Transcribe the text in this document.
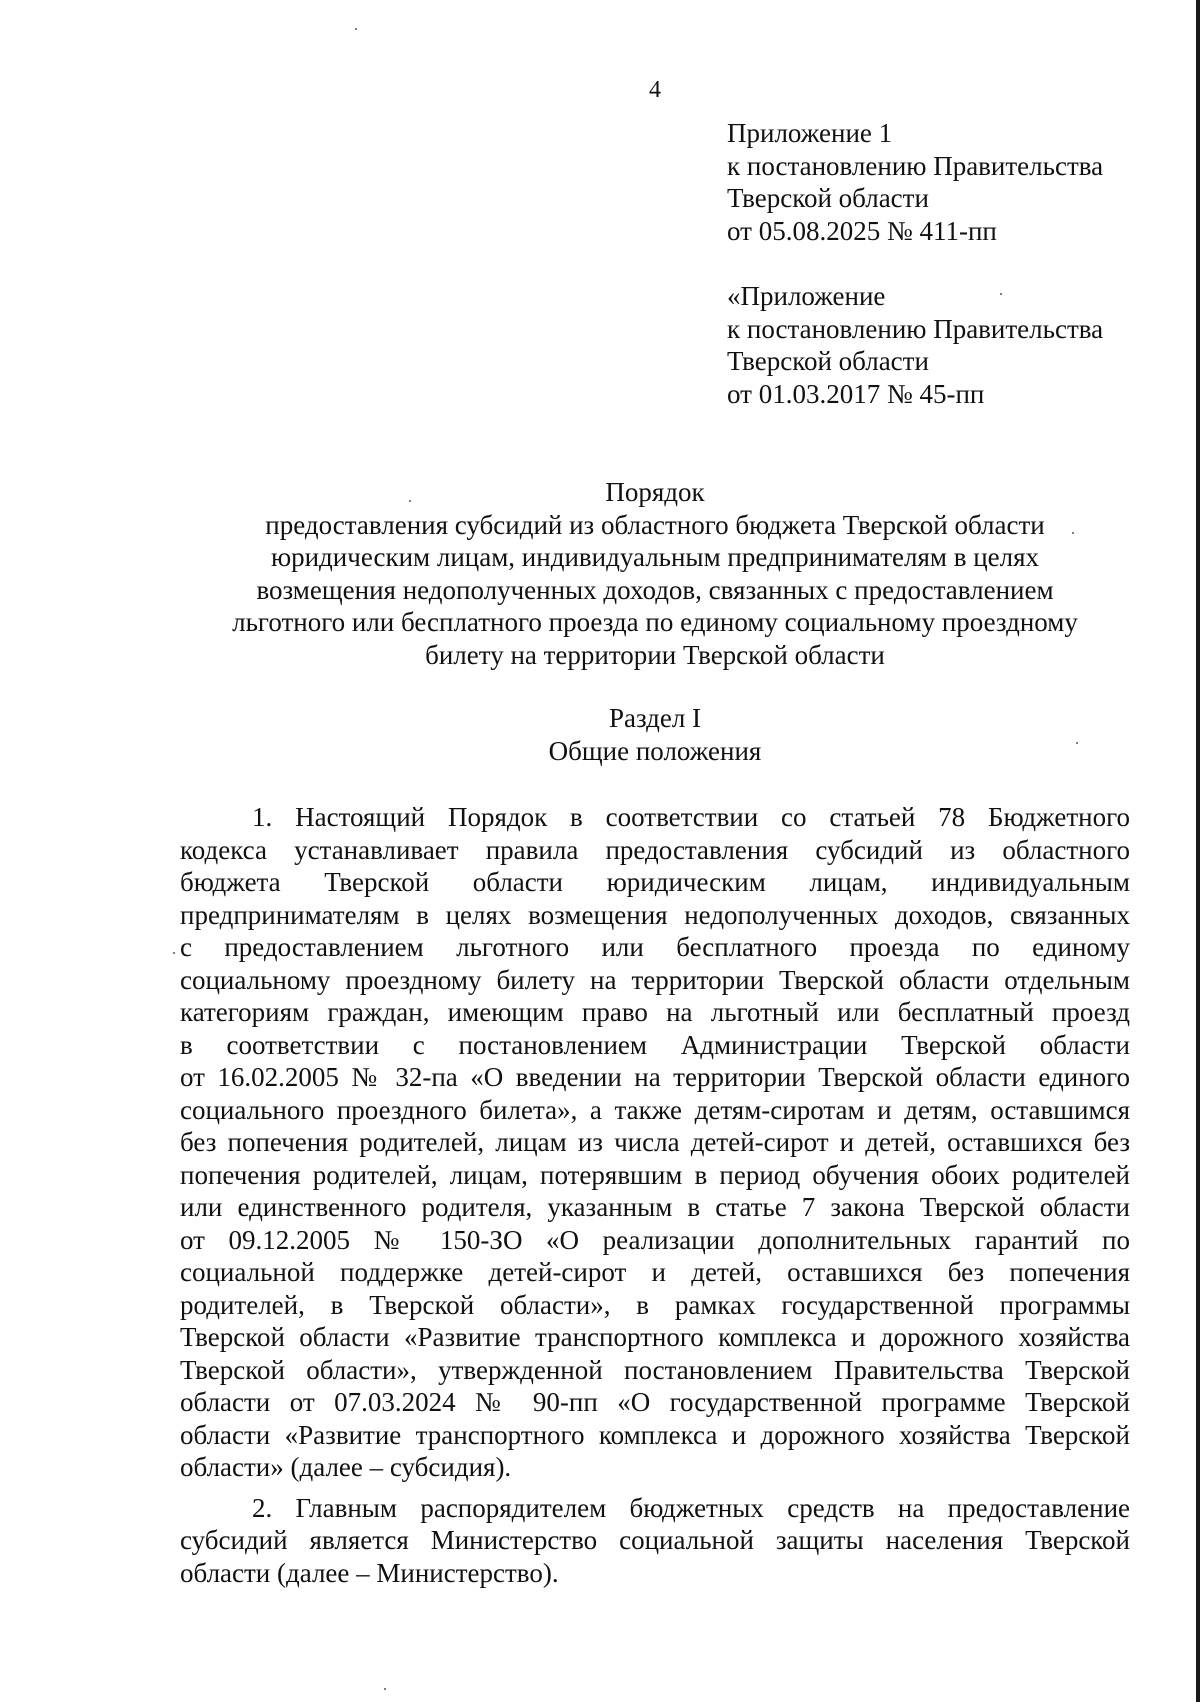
4
Приложение 1
к постановлению Правительства
Тверской области
от 05.08.2025 № 411-пп
«Приложение
к постановлению Правительства
Тверской области
от 01.03.2017 № 45-пп
Порядок
предоставления субсидий из областного бюджета Тверской области
юридическим лицам, индивидуальным предпринимателям в целях
возмещения недополученных доходов, связанных с предоставлением
льготного или бесплатного проезда по единому социальному проездному
билету на территории Тверской области
Раздел I
Общие положения
1. Настоящий Порядок в соответствии со статьей 78 Бюджетного
кодекса устанавливает правила предоставления субсидий из областного
бюджета Тверской области юридическим лицам, индивидуальным
предпринимателям в целях возмещения недополученных доходов, связанных
с предоставлением льготного или бесплатного проезда по единому
социальному проездному билету на территории Тверской области отдельным
категориям граждан, имеющим право на льготный или бесплатный проезд
в соответствии с постановлением Администрации Тверской области
от 16.02.2005 № 32-па «О введении на территории Тверской области единого
социального проездного билета», а также детям-сиротам и детям, оставшимся
без попечения родителей, лицам из числа детей-сирот и детей, оставшихся без
попечения родителей, лицам, потерявшим в период обучения обоих родителей
или единственного родителя, указанным в статье 7 закона Тверской области
от 09.12.2005 № 150-ЗО «О реализации дополнительных гарантий по
социальной поддержке детей-сирот и детей, оставшихся без попечения
родителей, в Тверской области», в рамках государственной программы
Тверской области «Развитие транспортного комплекса и дорожного хозяйства
Тверской области», утвержденной постановлением Правительства Тверской
области от 07.03.2024 № 90-пп «О государственной программе Тверской
области «Развитие транспортного комплекса и дорожного хозяйства Тверской
области» (далее – субсидия).
2. Главным распорядителем бюджетных средств на предоставление
субсидий является Министерство социальной защиты населения Тверской
области (далее – Министерство).
